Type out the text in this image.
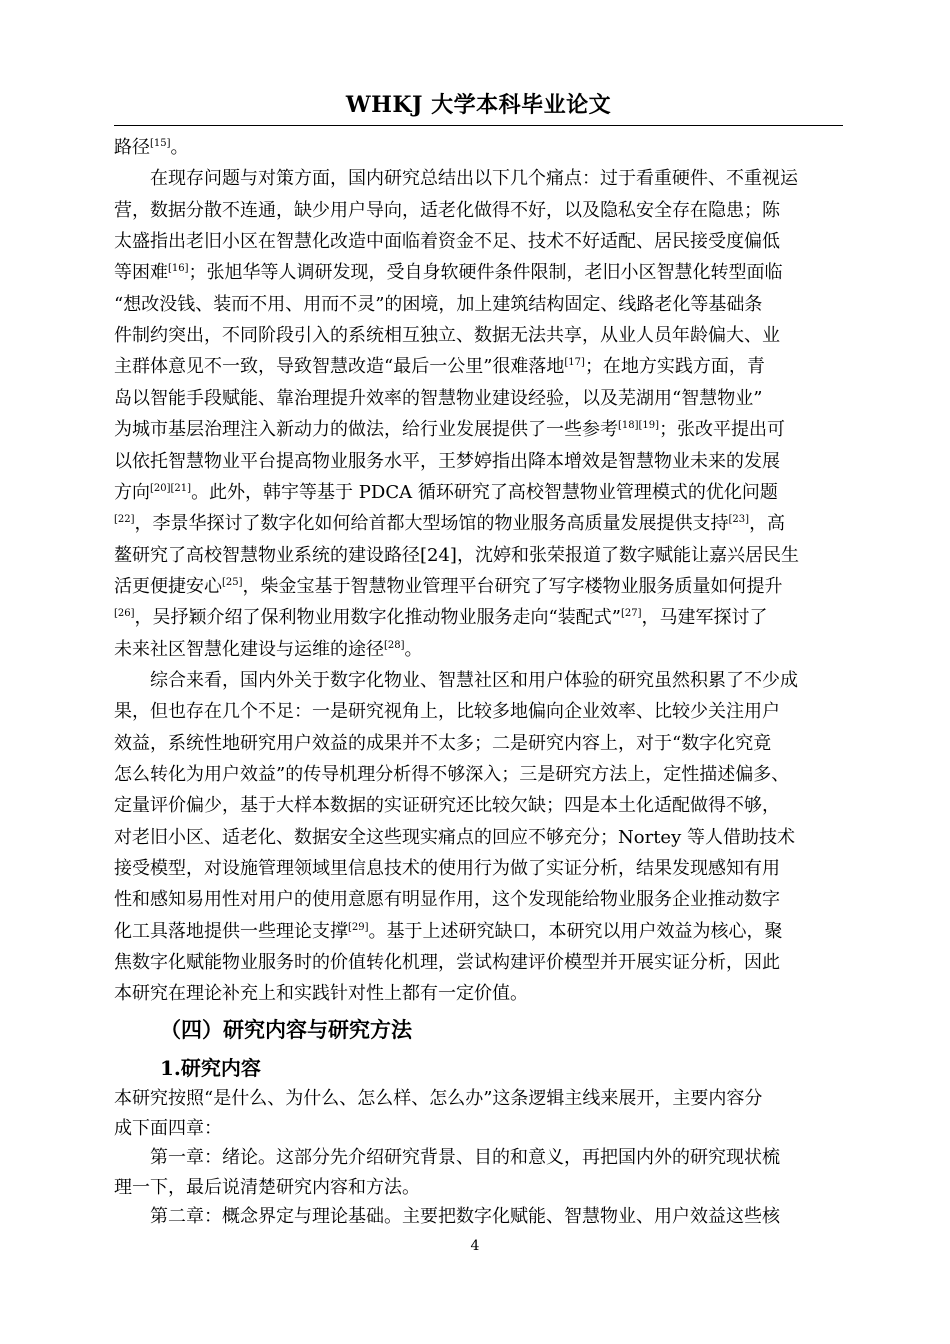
WHKJ 大学本科毕业论文
路径[15]。
　　在现存问题与对策方面，国内研究总结出以下几个痛点：过于看重硬件、不重视运
营，数据分散不连通，缺少用户导向，适老化做得不好，以及隐私安全存在隐患；陈
太盛指出老旧小区在智慧化改造中面临着资金不足、技术不好适配、居民接受度偏低
等困难[16]；张旭华等人调研发现，受自身软硬件条件限制，老旧小区智慧化转型面临
“想改没钱、装而不用、用而不灵”的困境，加上建筑结构固定、线路老化等基础条
件制约突出，不同阶段引入的系统相互独立、数据无法共享，从业人员年龄偏大、业
主群体意见不一致，导致智慧改造“最后一公里”很难落地[17]；在地方实践方面，青
岛以智能手段赋能、靠治理提升效率的智慧物业建设经验，以及芜湖用“智慧物业”
为城市基层治理注入新动力的做法，给行业发展提供了一些参考[18][19]；张改平提出可
以依托智慧物业平台提高物业服务水平，王梦婷指出降本增效是智慧物业未来的发展
方向[20][21]。此外，韩宇等基于 PDCA 循环研究了高校智慧物业管理模式的优化问题
[22]，李景华探讨了数字化如何给首都大型场馆的物业服务高质量发展提供支持[23]，高
鳌研究了高校智慧物业系统的建设路径[24]，沈婷和张荣报道了数字赋能让嘉兴居民生
活更便捷安心[25]，柴金宝基于智慧物业管理平台研究了写字楼物业服务质量如何提升
[26]，吴抒颖介绍了保利物业用数字化推动物业服务走向“装配式”[27]，马建军探讨了
未来社区智慧化建设与运维的途径[28]。
　　综合来看，国内外关于数字化物业、智慧社区和用户体验的研究虽然积累了不少成
果，但也存在几个不足：一是研究视角上，比较多地偏向企业效率、比较少关注用户
效益，系统性地研究用户效益的成果并不太多；二是研究内容上，对于“数字化究竟
怎么转化为用户效益”的传导机理分析得不够深入；三是研究方法上，定性描述偏多、
定量评价偏少，基于大样本数据的实证研究还比较欠缺；四是本土化适配做得不够，
对老旧小区、适老化、数据安全这些现实痛点的回应不够充分；Nortey 等人借助技术
接受模型，对设施管理领域里信息技术的使用行为做了实证分析，结果发现感知有用
性和感知易用性对用户的使用意愿有明显作用，这个发现能给物业服务企业推动数字
化工具落地提供一些理论支撑[29]。基于上述研究缺口，本研究以用户效益为核心，聚
焦数字化赋能物业服务时的价值转化机理，尝试构建评价模型并开展实证分析，因此
本研究在理论补充上和实践针对性上都有一定价值。
（四）研究内容与研究方法
1.研究内容
本研究按照“是什么、为什么、怎么样、怎么办”这条逻辑主线来展开，主要内容分
成下面四章：
　　第一章：绪论。这部分先介绍研究背景、目的和意义，再把国内外的研究现状梳
理一下，最后说清楚研究内容和方法。
　　第二章：概念界定与理论基础。主要把数字化赋能、智慧物业、用户效益这些核
4
